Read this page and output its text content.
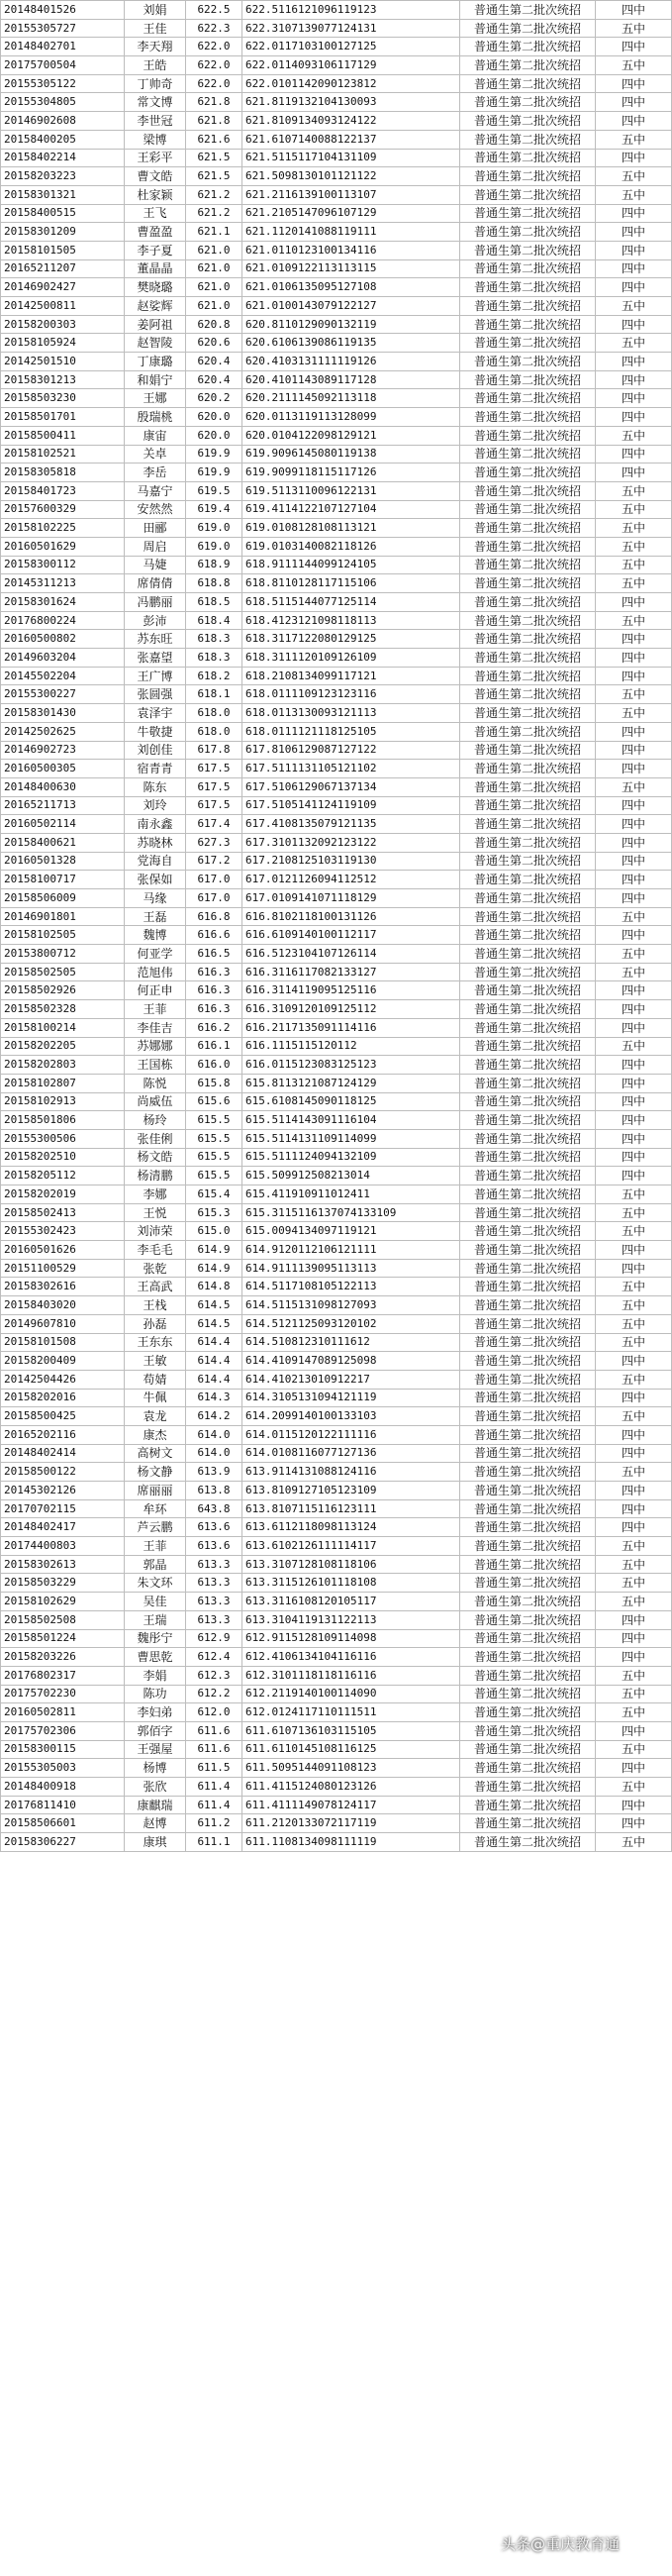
20148401526	刘娟	622.5	622.5116121096119123	普通生第二批次统招	四中
20155305727	王佳	622.3	622.3107139077124131	普通生第二批次统招	五中
20148402701	李天翔	622.0	622.0117103100127125	普通生第二批次统招	四中
20175700504	王皓	622.0	622.0114093106117129	普通生第二批次统招	五中
20155305122	丁帅奇	622.0	622.0101142090123812	普通生第二批次统招	四中
20155304805	常文博	621.8	621.8119132104130093	普通生第二批次统招	四中
20146902608	李世冠	621.8	621.8109134093124122	普通生第二批次统招	四中
20158400205	梁博	621.6	621.6107140088122137	普通生第二批次统招	五中
20158402214	王彩平	621.5	621.5115117104131109	普通生第二批次统招	四中
20158203223	曹文皓	621.5	621.5098130101121122	普通生第二批次统招	五中
20158301321	杜家颖	621.2	621.2116139100113107	普通生第二批次统招	五中
20158400515	王飞	621.2	621.2105147096107129	普通生第二批次统招	四中
20158301209	曹盈盈	621.1	621.1120141088119111	普通生第二批次统招	四中
20158101505	李子夏	621.0	621.0110123100134116	普通生第二批次统招	四中
20165211207	董晶晶	621.0	621.0109122113113115	普通生第二批次统招	四中
20146902427	樊晓璐	621.0	621.0106135095127108	普通生第二批次统招	四中
20142500811	赵娑辉	621.0	621.0100143079122127	普通生第二批次统招	五中
20158200303	姜阿祖	620.8	620.8110129090132119	普通生第二批次统招	四中
20158105924	赵智陵	620.6	620.6106139086119135	普通生第二批次统招	五中
20142501510	丁康璐	620.4	620.4103131111119126	普通生第二批次统招	四中
20158301213	和娟宁	620.4	620.4101143089117128	普通生第二批次统招	四中
20158503230	王娜	620.2	620.2111145092113118	普通生第二批次统招	四中
20158501701	殷瑞桃	620.0	620.0113119113128099	普通生第二批次统招	四中
20158500411	康宙	620.0	620.0104122098129121	普通生第二批次统招	五中
20158102521	关卓	619.9	619.9096145080119138	普通生第二批次统招	四中
20158305818	李岳	619.9	619.9099118115117126	普通生第二批次统招	四中
20158401723	马嘉宁	619.5	619.5113110096122131	普通生第二批次统招	五中
20157600329	安然然	619.4	619.4114122107127104	普通生第二批次统招	五中
20158102225	田郦	619.0	619.0108128108113121	普通生第二批次统招	五中
20160501629	周启	619.0	619.0103140082118126	普通生第二批次统招	五中
20158300112	马婕	618.9	618.9111144099124105	普通生第二批次统招	五中
20145311213	席倩倩	618.8	618.8110128117115106	普通生第二批次统招	五中
20158301624	冯鹏丽	618.5	618.5115144077125114	普通生第二批次统招	四中
20176800224	彭沛	618.4	618.4123121098118113	普通生第二批次统招	五中
20160500802	苏东旺	618.3	618.3117122080129125	普通生第二批次统招	四中
20149603204	张嘉望	618.3	618.3111120109126109	普通生第二批次统招	四中
20145502204	王广博	618.2	618.2108134099117121	普通生第二批次统招	四中
20155300227	张圆强	618.1	618.0111109123123116	普通生第二批次统招	五中
20158301430	袁泽宇	618.0	618.0113130093121113	普通生第二批次统招	五中
20142502625	牛敬捷	618.0	618.0111121118125105	普通生第二批次统招	四中
20146902723	刘创佳	617.8	617.8106129087127122	普通生第二批次统招	四中
20160500305	宿青青	617.5	617.5111131105121102	普通生第二批次统招	四中
20148400630	陈东	617.5	617.5106129067137134	普通生第二批次统招	五中
20165211713	刘玲	617.5	617.5105141124119109	普通生第二批次统招	四中
20160502114	南永鑫	617.4	617.4108135079121135	普通生第二批次统招	四中
20158400621	苏晓林	627.3	617.3101132092123122	普通生第二批次统招	四中
20160501328	党海自	617.2	617.2108125103119130	普通生第二批次统招	四中
20158100717	张保如	617.0	617.0121126094112512	普通生第二批次统招	四中
20158506009	马缘	617.0	617.0109141071118129	普通生第二批次统招	四中
20146901801	王磊	616.8	616.8102118100131126	普通生第二批次统招	五中
20158102505	魏博	616.6	616.6109140100112117	普通生第二批次统招	四中
20153800712	何亚学	616.5	616.5123104107126114	普通生第二批次统招	五中
20158502505	范旭伟	616.3	616.3116117082133127	普通生第二批次统招	五中
20158502926	何正申	616.3	616.3114119095125116	普通生第二批次统招	四中
20158502328	王菲	616.3	616.3109120109125112	普通生第二批次统招	四中
20158100214	李佳吉	616.2	616.2117135091114116	普通生第二批次统招	四中
20158202205	苏娜娜	616.1	616.1115115120112	普通生第二批次统招	五中
20158202803	王国栋	616.0	616.0115123083125123	普通生第二批次统招	四中
20158102807	陈悦	615.8	615.8113121087124129	普通生第二批次统招	四中
20158102913	尚威伍	615.6	615.6108145090118125	普通生第二批次统招	四中
20158501806	杨玲	615.5	615.5114143091116104	普通生第二批次统招	四中
20155300506	张佳俐	615.5	615.5114131109114099	普通生第二批次统招	四中
20158202510	杨文皓	615.5	615.5111124094132109	普通生第二批次统招	四中
20158205112	杨清鹏	615.5	615.509912508213014	普通生第二批次统招	四中
20158202019	李娜	615.4	615.411910911012411	普通生第二批次统招	五中
20158502413	王悦	615.3	615.3115116137074133109	普通生第二批次统招	五中
20155302423	刘沛荣	615.0	615.0094134097119121	普通生第二批次统招	五中
20160501626	李毛毛	614.9	614.9120112106121111	普通生第二批次统招	四中
20151100529	张乾	614.9	614.9111139095113113	普通生第二批次统招	四中
20158302616	王高武	614.8	614.5117108105122113	普通生第二批次统招	五中
20158403020	王栈	614.5	614.5115131098127093	普通生第二批次统招	五中
20149607810	孙磊	614.5	614.5121125093120102	普通生第二批次统招	五中
20158101508	王东东	614.4	614.510812310111612	普通生第二批次统招	五中
20158200409	王敏	614.4	614.4109147089125098	普通生第二批次统招	四中
20142504426	苟婧	614.4	614.410213010912217	普通生第二批次统招	五中
20158202016	牛佩	614.3	614.3105131094121119	普通生第二批次统招	四中
20158500425	袁龙	614.2	614.2099140100133103	普通生第二批次统招	五中
20165202116	康杰	614.0	614.0115120122111116	普通生第二批次统招	四中
20148402414	高树文	614.0	614.0108116077127136	普通生第二批次统招	四中
20158500122	杨文静	613.9	613.9114131088124116	普通生第二批次统招	五中
20145302126	席丽丽	613.8	613.8109127105123109	普通生第二批次统招	四中
20170702115	牟环	643.8	613.8107115116123111	普通生第二批次统招	四中
20148402417	芦云鹏	613.6	613.6112118098113124	普通生第二批次统招	四中
20174400803	王菲	613.6	613.6102126111114117	普通生第二批次统招	五中
20158302613	郭晶	613.3	613.3107128108118106	普通生第二批次统招	五中
20158503229	朱文环	613.3	613.3115126101118108	普通生第二批次统招	五中
20158102629	吴佳	613.3	613.3116108120105117	普通生第二批次统招	五中
20158502508	王瑞	613.3	613.3104119131122113	普通生第二批次统招	四中
20158501224	魏彤宁	612.9	612.9115128109114098	普通生第二批次统招	四中
20158203226	曹思乾	612.4	612.4106134104116116	普通生第二批次统招	四中
20176802317	李娟	612.3	612.3101118118116116	普通生第二批次统招	五中
20175702230	陈功	612.2	612.2119140100114090	普通生第二批次统招	五中
20160502811	李妇弟	612.0	612.0124117110111511	普通生第二批次统招	五中
20175702306	郭佰字	611.6	611.6107136103115105	普通生第二批次统招	四中
20158300115	王强屋	611.6	611.6110145108116125	普通生第二批次统招	五中
20155305003	杨博	611.5	611.5095144091108123	普通生第二批次统招	四中
20148400918	张欣	611.4	611.4115124080123126	普通生第二批次统招	五中
20176811410	康麒瑞	611.4	611.4111149078124117	普通生第二批次统招	四中
20158506601	赵博	611.2	611.2120133072117119	普通生第二批次统招	四中
20158306227	康琪	611.1	611.1108134098111119	普通生第二批次统招	五中
头条@重庆教育通
